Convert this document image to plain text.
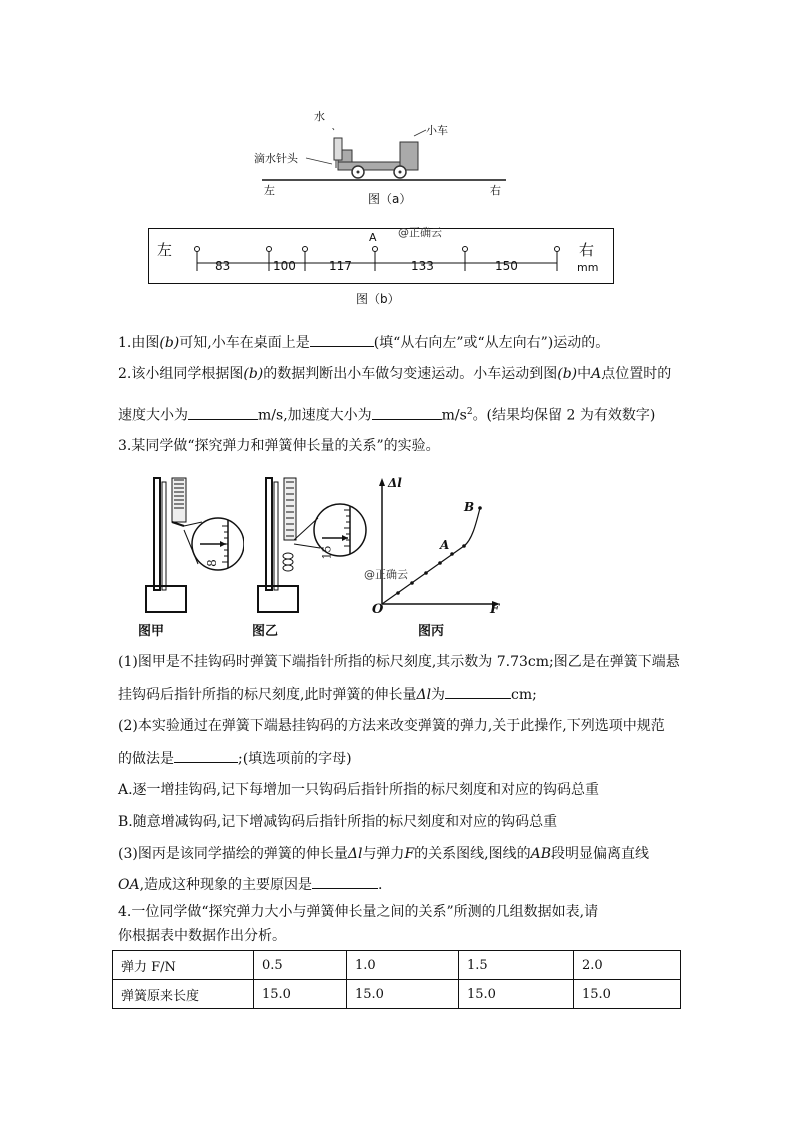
水
滴水针头
小车
左	右
图（a）
左	右
mm
A
83	100	117	133	150
@正确云
图（b）
1.由图(b)可知,小车在桌面上是	(填“从右向左”或“从左向右”)运动的。
2.该小组同学根据图(b)的数据判断出小车做匀变速运动。小车运动到图(b)中A点位置时的
速度大小为	m/s,加速度大小为	$m/s^2$。(结果均保留 2 为有效数字)
3.某同学做“探究弹力和弹簧伸长量的关系”的实验。
8
图甲
15
图乙
Δl
F
O
A
B
图丙
@正确云
(1)图甲是不挂钩码时弹簧下端指针所指的标尺刻度,其示数为 7.73cm;图乙是在弹簧下端悬
挂钩码后指针所指的标尺刻度,此时弹簧的伸长量Δl为	cm;
(2)本实验通过在弹簧下端悬挂钩码的方法来改变弹簧的弹力,关于此操作,下列选项中规范
的做法是	;(填选项前的字母)
A.逐一增挂钩码,记下每增加一只钩码后指针所指的标尺刻度和对应的钩码总重
B.随意增减钩码,记下增减钩码后指针所指的标尺刻度和对应的钩码总重
(3)图丙是该同学描绘的弹簧的伸长量Δl与弹力F的关系图线,图线的AB段明显偏离直线
OA,造成这种现象的主要原因是	.
4.一位同学做“探究弹力大小与弹簧伸长量之间的关系”所测的几组数据如表,请
你根据表中数据作出分析。
弹力 F/N	0.5	1.0	1.5	2.0
弹簧原来长度	15.0	15.0	15.0	15.0
